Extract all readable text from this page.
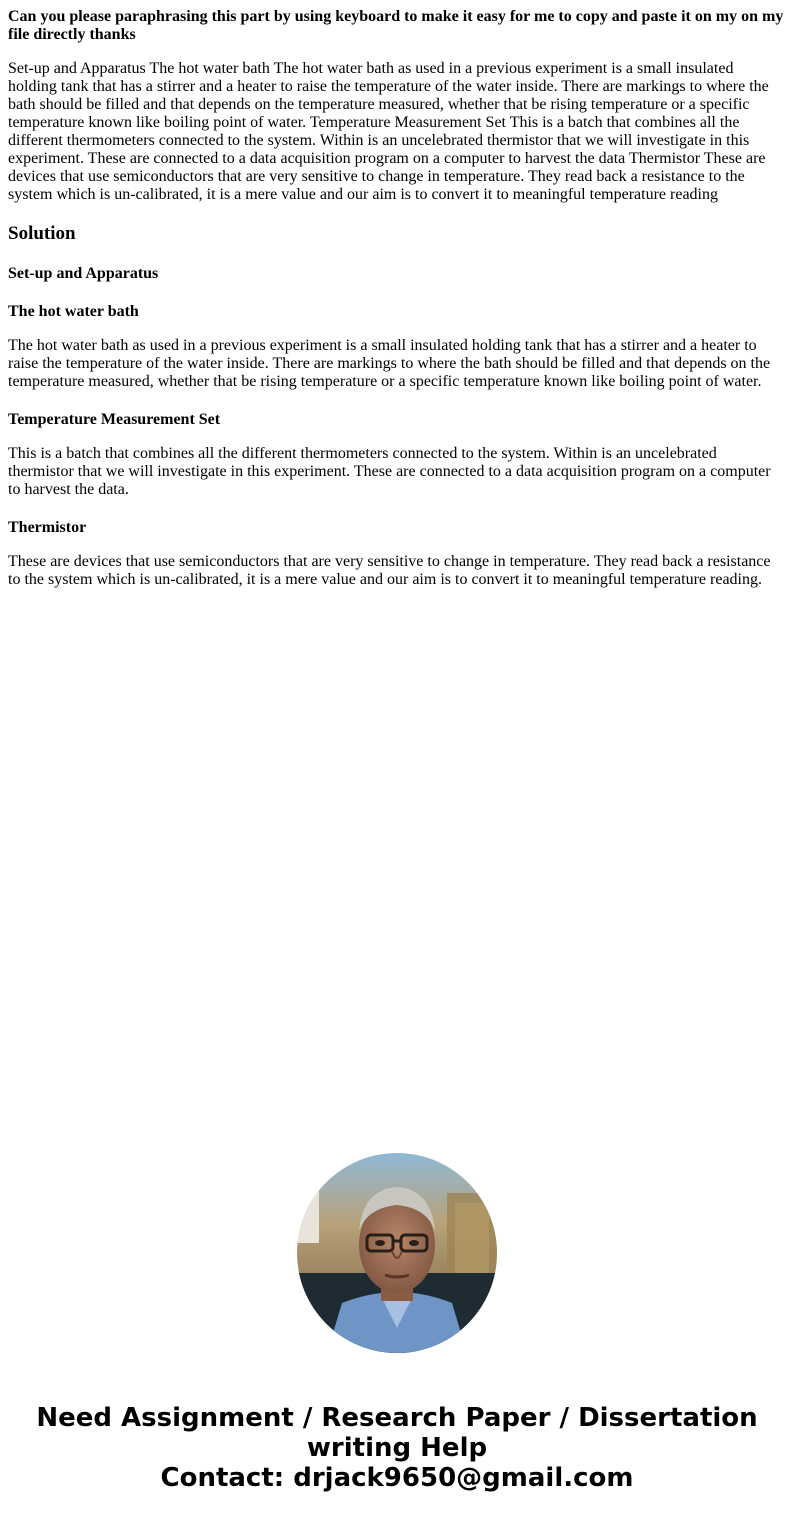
Can you please paraphrasing this part by using keyboard to make it easy for me to copy and paste it on my on my file directly thanks

Set-up and Apparatus The hot water bath The hot water bath as used in a previous experiment is a small insulated holding tank that has a stirrer and a heater to raise the temperature of the water inside. There are markings to where the bath should be filled and that depends on the temperature measured, whether that be rising temperature or a specific temperature known like boiling point of water. Temperature Measurement Set This is a batch that combines all the different thermometers connected to the system. Within is an uncelebrated thermistor that we will investigate in this experiment. These are connected to a data acquisition program on a computer to harvest the data Thermistor These are devices that use semiconductors that are very sensitive to change in temperature. They read back a resistance to the system which is un-calibrated, it is a mere value and our aim is to convert it to meaningful temperature reading

Solution
Set-up and Apparatus
The hot water bath

The hot water bath as used in a previous experiment is a small insulated holding tank that has a stirrer and a heater to raise the temperature of the water inside. There are markings to where the bath should be filled and that depends on the temperature measured, whether that be rising temperature or a specific temperature known like boiling point of water.

Temperature Measurement Set

This is a batch that combines all the different thermometers connected to the system. Within is an uncelebrated thermistor that we will investigate in this experiment. These are connected to a data acquisition program on a computer to harvest the data.

Thermistor

These are devices that use semiconductors that are very sensitive to change in temperature. They read back a resistance to the system which is un-calibrated, it is a mere value and our aim is to convert it to meaningful temperature reading.

Need Assignment / Research Paper / Dissertation writing Help
Contact: drjack9650@gmail.com
